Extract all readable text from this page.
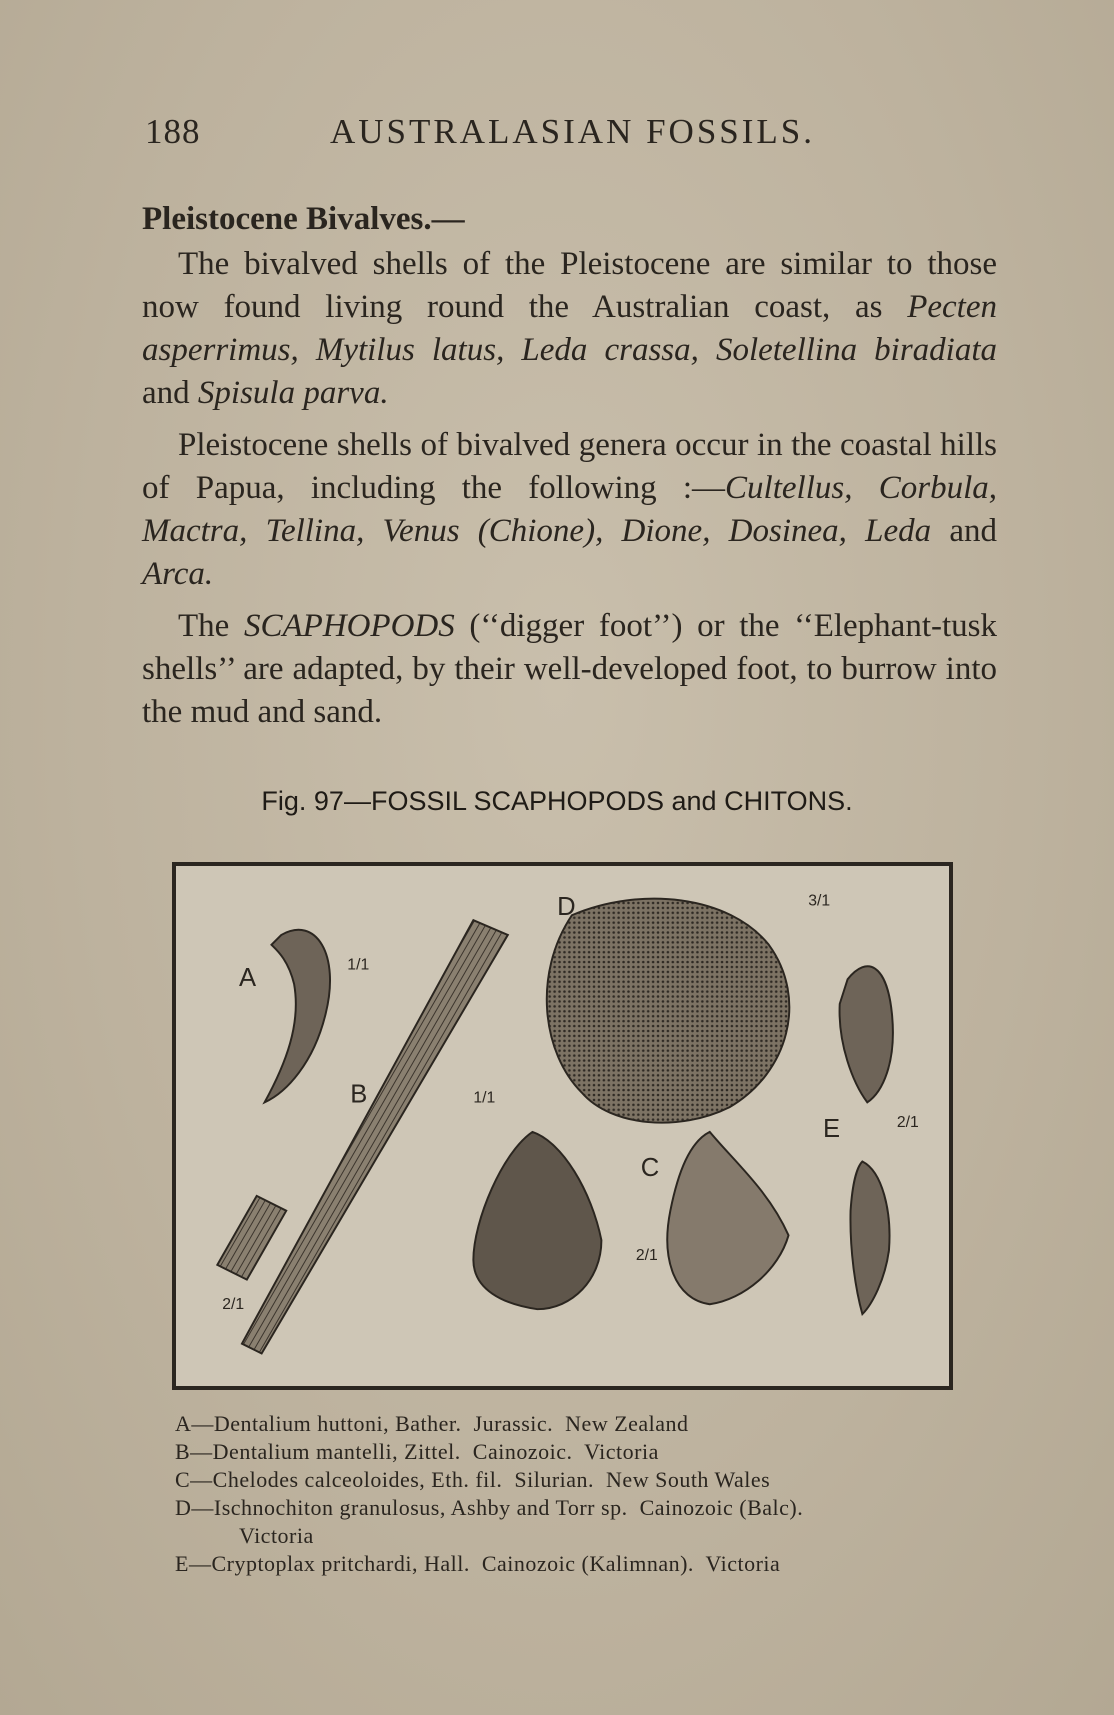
188	AUSTRALASIAN FOSSILS.
Pleistocene Bivalves.—

The bivalved shells of the Pleistocene are similar to those now found living round the Australian coast, as Pecten asperrimus, Mytilus latus, Leda crassa, Soletellina biradiata and Spisula parva.

Pleistocene shells of bivalved genera occur in the coastal hills of Papua, including the following :—Cultellus, Corbula, Mactra, Tellina, Venus (Chione), Dione, Dosinea, Leda and Arca.

The SCAPHOPODS (‘‘digger foot’’) or the ‘‘Elephant-tusk shells’’ are adapted, by their well-developed foot, to burrow into the mud and sand.

Fig. 97—FOSSIL SCAPHOPODS and CHITONS.
A	1/1
B	1/1
2/1
D	3/1
C
2/1
E	2/1
A—Dentalium huttoni, Bather.  Jurassic.  New Zealand
B—Dentalium mantelli, Zittel.  Cainozoic.  Victoria
C—Chelodes calceoloides, Eth. fil.  Silurian.  New South Wales
D—Ischnochiton granulosus, Ashby and Torr sp.  Cainozoic (Balc).
Victoria
E—Cryptoplax pritchardi, Hall.  Cainozoic (Kalimnan).  Victoria
